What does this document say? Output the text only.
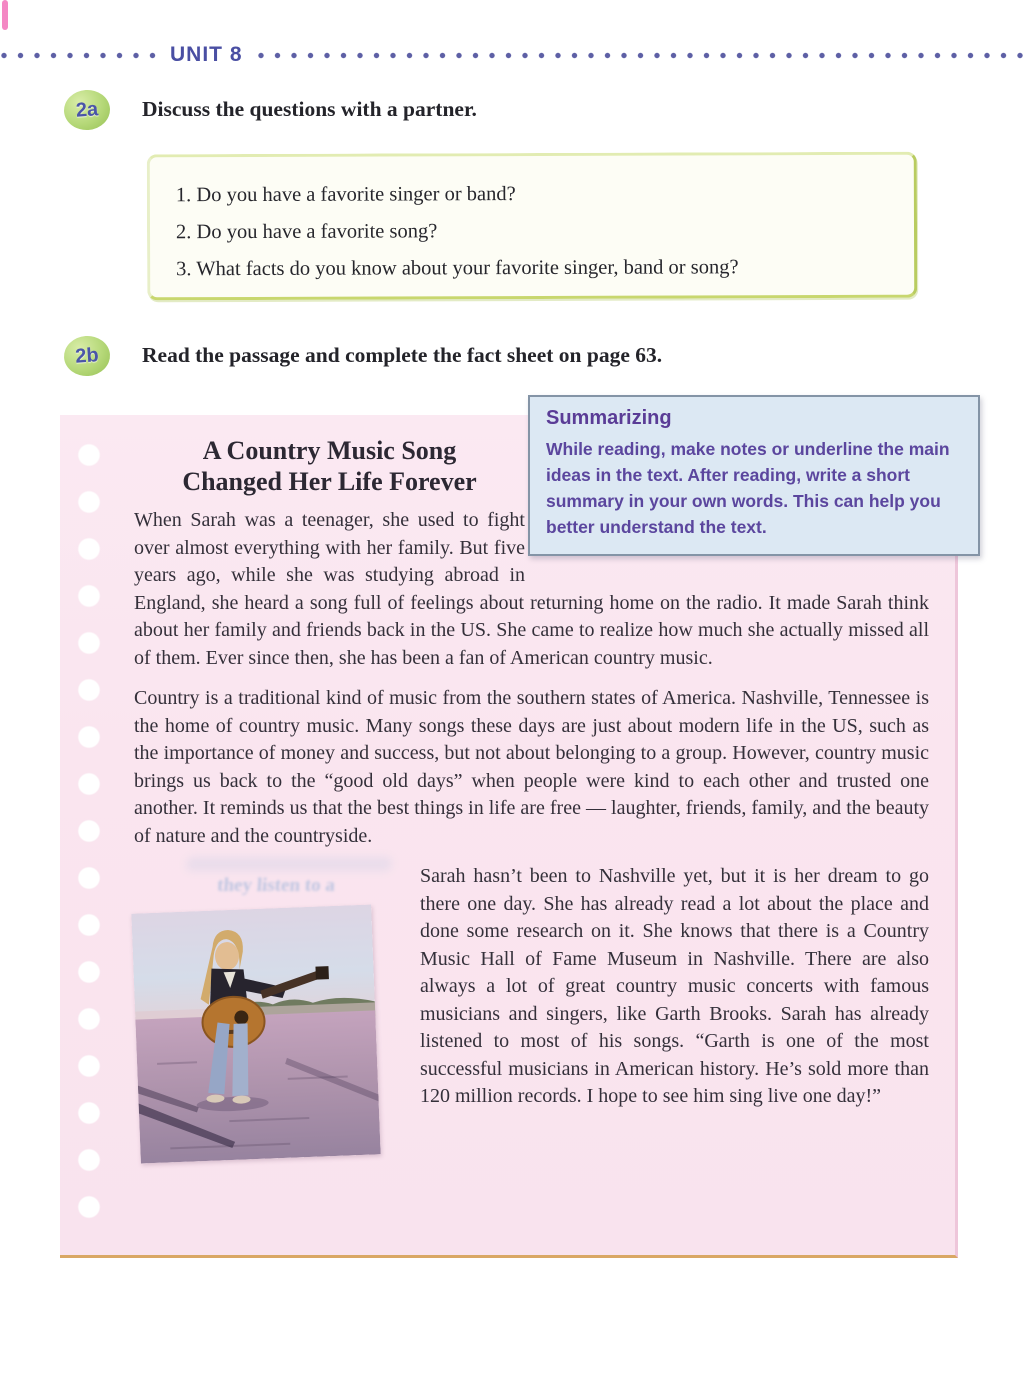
UNIT 8
2a	Discuss the questions with a partner.
1. Do you have a favorite singer or band?
2. Do you have a favorite song?
3. What facts do you know about your favorite singer, band or song?
2b	Read the passage and complete the fact sheet on page 63.
Summarizing
While reading, make notes or underline the main ideas in the text. After reading, write a short summary in your own words. This can help you better understand the text.
A Country Music Song
Changed Her Life Forever

When Sarah was a teenager, she used to fight over almost everything with her family. But five years ago, while she was studying abroad in England, she heard a song full of feelings about returning home on the radio. It made Sarah think about her family and friends back in the US. She came to realize how much she actually missed all of them. Ever since then, she has been a fan of American country music.

Country is a traditional kind of music from the southern states of America. Nashville, Tennessee is the home of country music. Many songs these days are just about modern life in the US, such as the importance of money and success, but not about belonging to a group. However, country music brings us back to the “good old days” when people were kind to each other and trusted one another. It reminds us that the best things in life are free — laughter, friends, family, and the beauty of nature and the countryside.

they listen to a	Sarah hasn’t been to Nashville yet, but it is her dream to go there one day. She has already read a lot about the place and done some research on it. She knows that there is a Country Music Hall of Fame Museum in Nashville. There are also always a lot of great country music concerts with famous musicians and singers, like Garth Brooks. Sarah has already listened to most of his songs. “Garth is one of the most successful musicians in American history. He’s sold more than 120 million records. I hope to see him sing live one day!”
